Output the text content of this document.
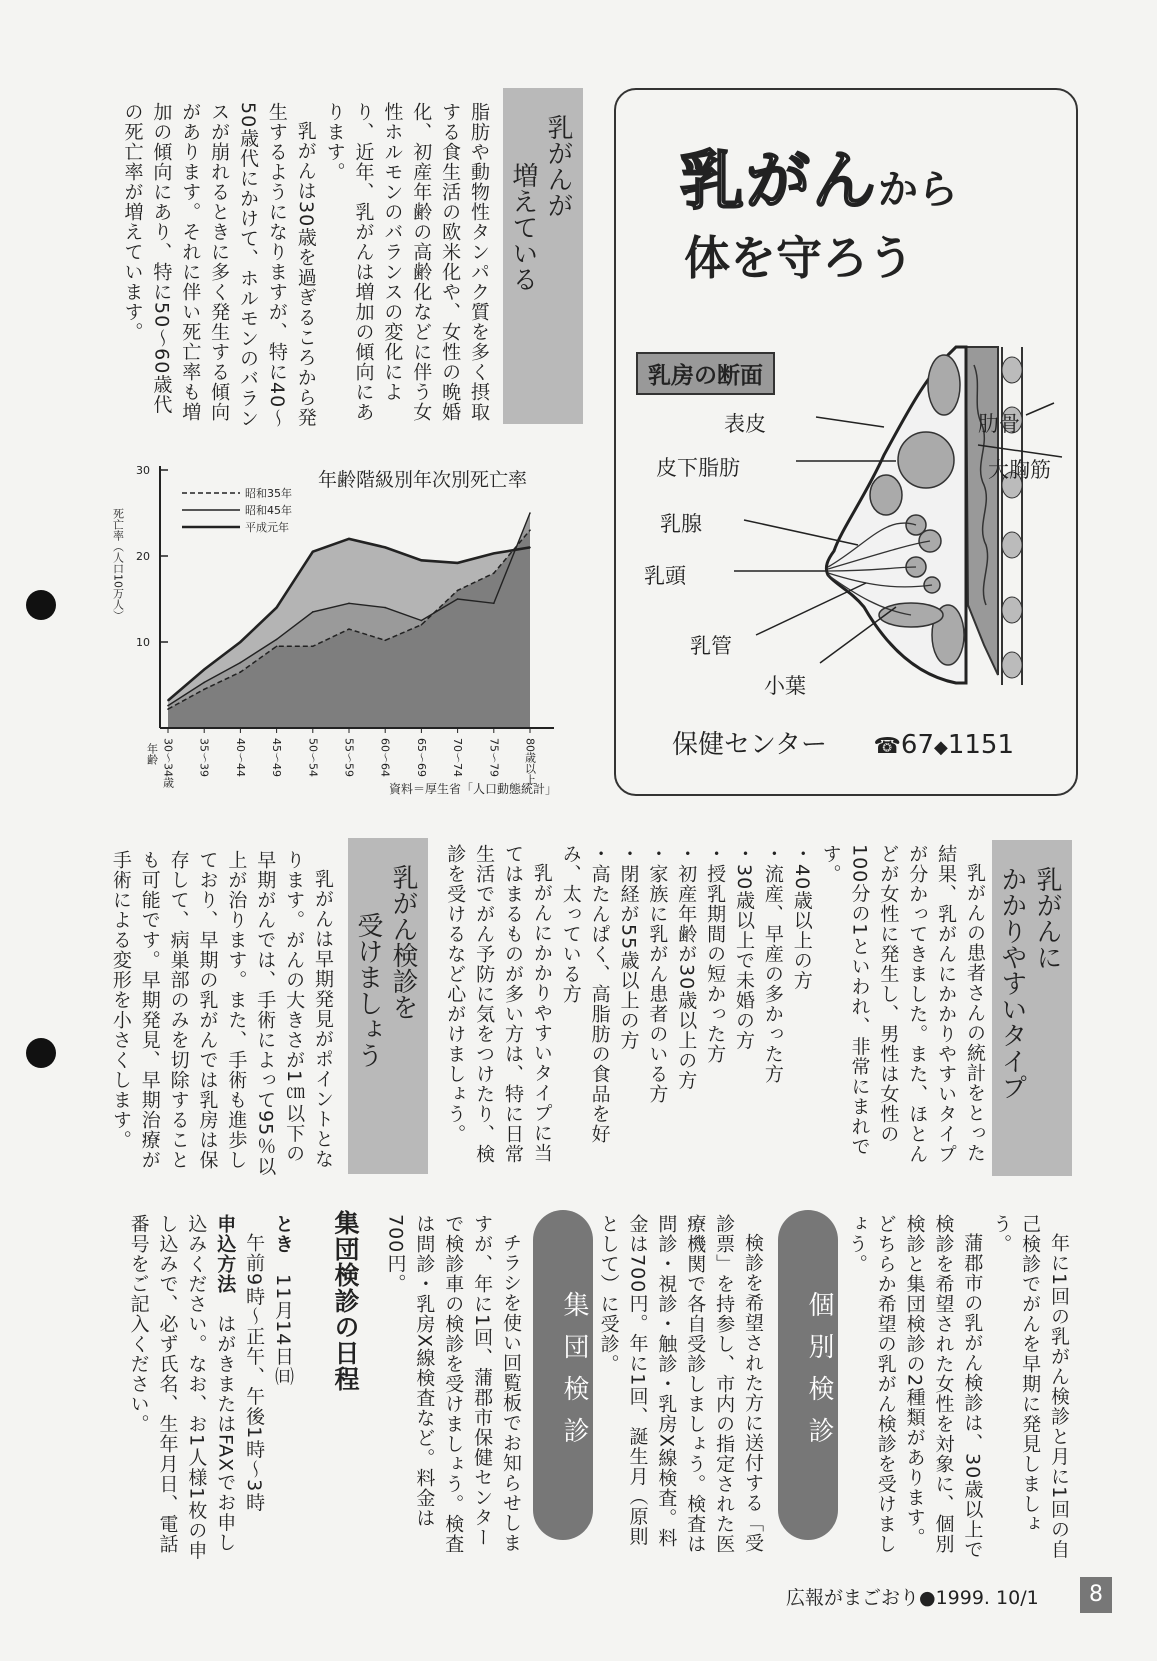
乳がんが
増えている

脂肪や動物性タンパク質を多く摂取する食生活の欧米化や、女性の晩婚化、初産年齢の高齢化などに伴う女性ホルモンのバランスの変化により、近年、乳がんは増加の傾向にあります。

乳がんは30歳を過ぎるころから発生するようになりますが、特に40～50歳代にかけて、ホルモンのバランスが崩れるときに多く発生する傾向があります。それに伴い死亡率も増加の傾向にあり、特に50～60歳代の死亡率が増えています。

年齢階級別年次別死亡率
昭和35年
昭和45年
平成元年
死亡率（人口10万人）
10
20
30
30～34歳 35～39 40～44 45～49 50～54 55～59 60～64 65～69 70～74 75～79 80歳以上
年齢
資料＝厚生省「人口動態統計」
乳がんから
体を守ろう
乳房の断面
表皮
皮下脂肪
乳腺
乳頭
乳管
小葉
肋骨
大胸筋
保健センター ☎67◆1151
乳がんに
かかりやすいタイプ

乳がんの患者さんの統計をとった結果、乳がんにかかりやすいタイプが分かってきました。また、ほとんどが女性に発生し、男性は女性の100分の1といわれ、非常にまれです。

・40歳以上の方

・流産、早産の多かった方

・30歳以上で未婚の方

・授乳期間の短かった方

・初産年齢が30歳以上の方

・家族に乳がん患者のいる方

・閉経が55歳以上の方

・高たんぱく、高脂肪の食品を好み、太っている方

乳がんにかかりやすいタイプに当てはまるものが多い方は、特に日常生活でがん予防に気をつけたり、検診を受けるなど心がけましょう。

乳がん検診を
受けましょう

乳がんは早期発見がポイントとなります。がんの大きさが1㎝以下の早期がんでは、手術によって95％以上が治ります。また、手術も進歩しており、早期の乳がんでは乳房は保存して、病巣部のみを切除することも可能です。早期発見、早期治療が手術による変形を小さくします。

年に1回の乳がん検診と月に1回の自己検診でがんを早期に発見しましょう。

蒲郡市の乳がん検診は、30歳以上で検診を希望された女性を対象に、個別検診と集団検診の2種類があります。どちらか希望の乳がん検診を受けましょう。

個別検診

検診を希望された方に送付する「受診票」を持参し、市内の指定された医療機関で各自受診しましょう。検査は問診・視診・触診・乳房X線検査。料金は700円。年に1回、誕生月（原則として）に受診。

集団検診

チラシを使い回覧板でお知らせしますが、年に1回、蒲郡市保健センターで検診車の検診を受けましょう。検査は問診・乳房X線検査など。料金は700円。

集団検診の日程

とき　11月14日㈰

午前9時～正午、午後1時～3時

申込方法　はがきまたはFAXでお申し込みください。なお、お1人様1枚の申し込みで、必ず氏名、生年月日、電話番号をご記入ください。

広報がまごおり●1999. 10/1	8
